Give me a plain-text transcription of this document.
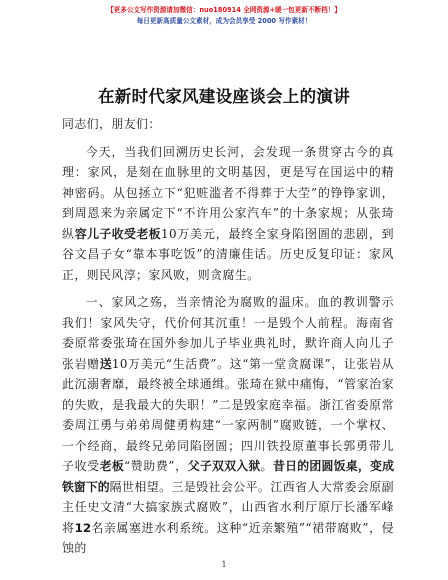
【更多公文写作资源请加微信：nuo180914 全网资源+暖一包更新不断档！】
每日更新高质量公文素材，成为会员享受 2000 写作素材！
在新时代家风建设座谈会上的演讲

同志们，朋友们：

今天，当我们回溯历史长河，会发现一条贯穿古今的真理：家风，是刻在血脉里的文明基因，更是写在国运中的精神密码。从包拯立下“犯赃滥者不得葬于大茔”的铮铮家训，到周恩来为亲属定下“不许用公家汽车”的十条家规；从张琦纵容儿子收受老板10万美元，最终全家身陷囹圄的悲剧，到谷文昌子女“靠本事吃饭”的清廉佳话。历史反复印证：家风正，则民风淳；家风败，则贪腐生。

一、家风之殇，当亲情沦为腐败的温床。血的教训警示我们！家风失守，代价何其沉重！一是毁个人前程。海南省委原常委张琦在国外参加儿子毕业典礼时，默许商人向儿子张岩赠送10万美元“生活费”。这“第一堂贪腐课”，让张岩从此沉溺奢靡，最终被全球通缉。张琦在狱中痛悔，“管家治家的失败，是我最大的失职！”二是毁家庭幸福。浙江省委原常委周江勇与弟弟周健勇构建“一家两制”腐败链，一个掌权、一个经商，最终兄弟同陷囹圄；四川铁投原董事长郭勇带儿子收受老板“赞助费”，父子双双入狱。昔日的团圆饭桌，变成铁窗下的隔世相望。三是毁社会公平。江西省人大常委会原副主任史文清“大搞家族式腐败”，山西省水利厅原厅长潘军峰将12名亲属塞进水利系统。这种“近亲繁殖”“裙带腐败”，侵蚀的

1
